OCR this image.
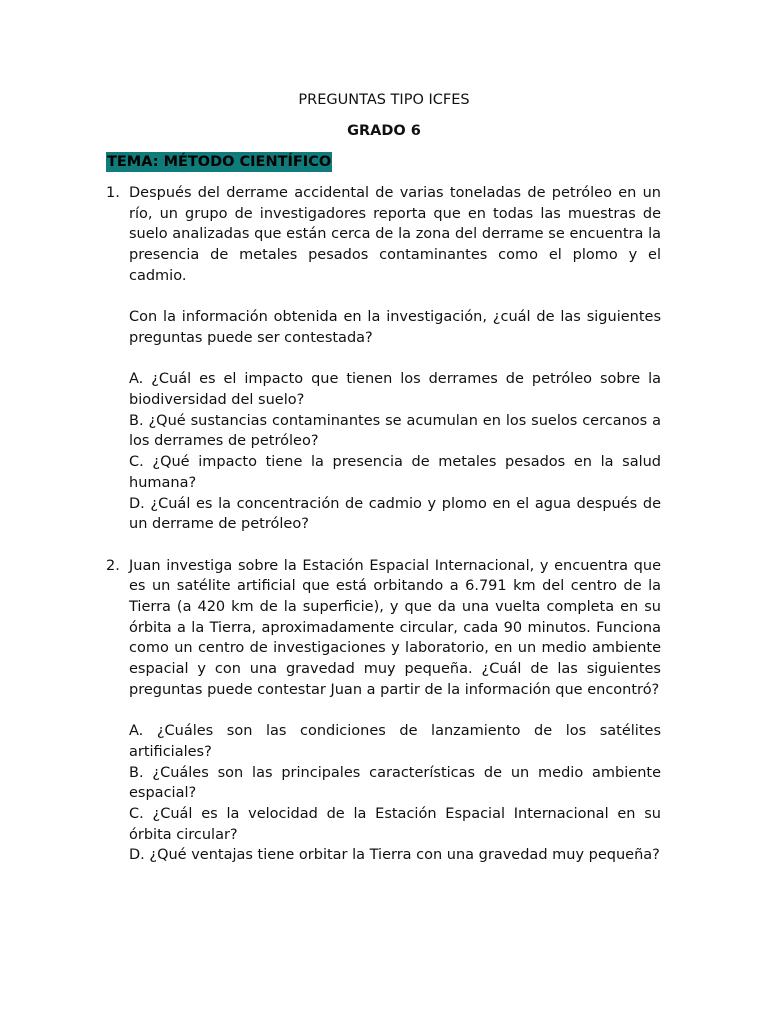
PREGUNTAS TIPO ICFES
GRADO 6
TEMA: MÉTODO CIENTÍFICO
1. Después del derrame accidental de varias toneladas de petróleo en un río, un grupo de investigadores reporta que en todas las muestras de suelo analizadas que están cerca de la zona del derrame se encuentra la presencia de metales pesados contaminantes como el plomo y el cadmio.

Con la información obtenida en la investigación, ¿cuál de las siguientes preguntas puede ser contestada?

A. ¿Cuál es el impacto que tienen los derrames de petróleo sobre la biodiversidad del suelo?

B. ¿Qué sustancias contaminantes se acumulan en los suelos cercanos a los derrames de petróleo?

C. ¿Qué impacto tiene la presencia de metales pesados en la salud humana?

D. ¿Cuál es la concentración de cadmio y plomo en el agua después de un derrame de petróleo?

2. Juan investiga sobre la Estación Espacial Internacional, y encuentra que es un satélite artificial que está orbitando a 6.791 km del centro de la Tierra (a 420 km de la superficie), y que da una vuelta completa en su órbita a la Tierra, aproximadamente circular, cada 90 minutos. Funciona como un centro de investigaciones y laboratorio, en un medio ambiente espacial y con una gravedad muy pequeña. ¿Cuál de las siguientes preguntas puede contestar Juan a partir de la información que encontró?

A. ¿Cuáles son las condiciones de lanzamiento de los satélites artificiales?

B. ¿Cuáles son las principales características de un medio ambiente espacial?

C. ¿Cuál es la velocidad de la Estación Espacial Internacional en su órbita circular?

D. ¿Qué ventajas tiene orbitar la Tierra con una gravedad muy pequeña?
